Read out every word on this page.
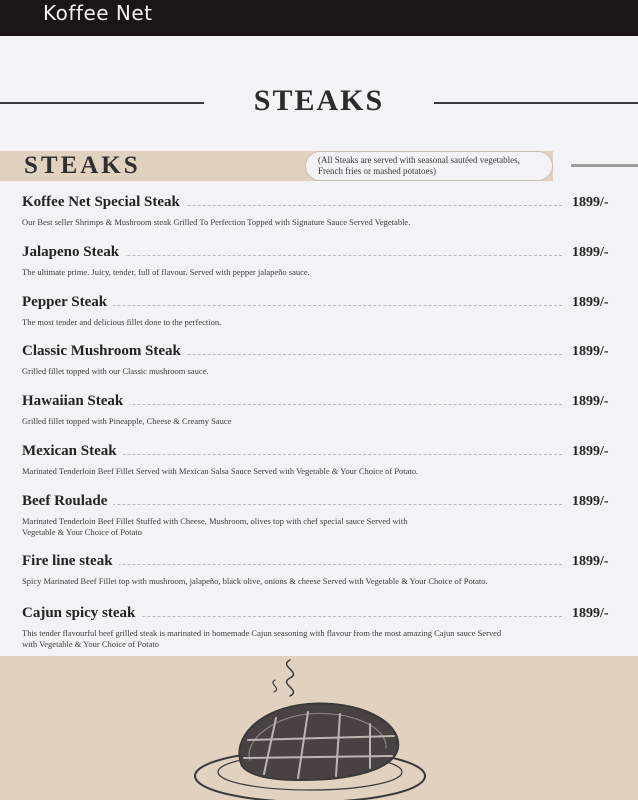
Koffee Net
STEAKS
STEAKS	(All Steaks are served with seasonal sautéed vegetables, French fries or mashed potatoes)
Koffee Net Special Steak	1899/-
Our Best seller Shrimps & Mushroom steak Grilled To Perfection Topped with Signature Sauce Served Vegetable.
Jalapeno Steak	1899/-
The ultimate prime. Juicy, tender, full of flavour. Served with pepper jalapeño sauce.
Pepper Steak	1899/-
The most tender and delicious fillet done to the perfection.
Classic Mushroom Steak	1899/-
Grilled fillet topped with our Classic mushroom sauce.
Hawaiian Steak	1899/-
Grilled fillet topped with Pineapple, Cheese & Creamy Sauce
Mexican Steak	1899/-
Marinated Tenderloin Beef Fillet Served with Mexican Salsa Sauce Served with Vegetable & Your Choice of Potato.
Beef Roulade	1899/-
Marinated Tenderloin Beef Fillet Stuffed with Cheese, Mushroom, olives top with chef special sauce Served with Vegetable & Your Choice of Potato
Fire line steak	1899/-
Spicy Marinated Beef Fillet top with mushroom, jalapeño, black olive, onions & cheese Served with Vegetable & Your Choice of Potato.
Cajun spicy steak	1899/-
This tender flavourful beef grilled steak is marinated in homemade Cajun seasoning with flavour from the most amazing Cajun sauce Served with Vegetable & Your Choice of Potato
